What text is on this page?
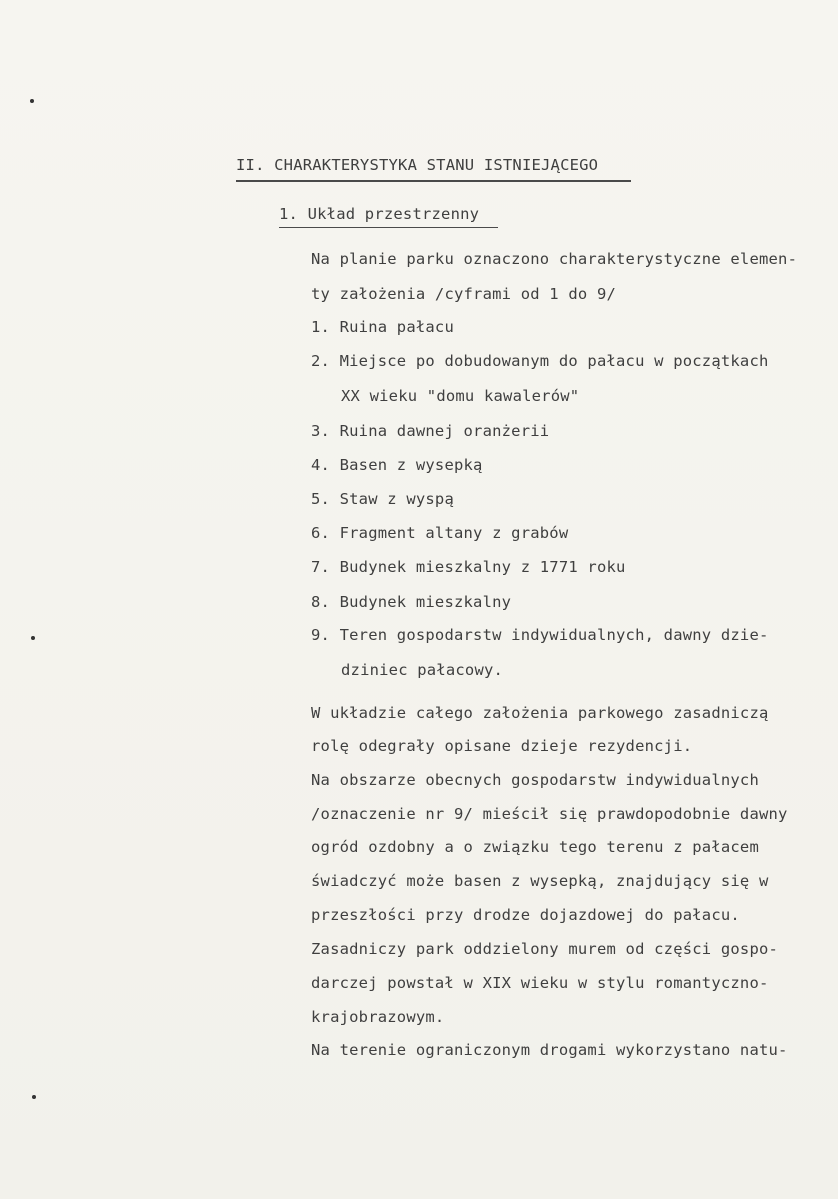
II. CHARAKTERYSTYKA STANU ISTNIEJĄCEGO
1. Układ przestrzenny
Na planie parku oznaczono charakterystyczne elemen-
ty założenia /cyframi od 1 do 9/
1. Ruina pałacu
2. Miejsce po dobudowanym do pałacu w początkach
XX wieku "domu kawalerów"
3. Ruina dawnej oranżerii
4. Basen z wysepką
5. Staw z wyspą
6. Fragment altany z grabów
7. Budynek mieszkalny z 1771 roku
8. Budynek mieszkalny
9. Teren gospodarstw indywidualnych, dawny dzie-
dziniec pałacowy.
W układzie całego założenia parkowego zasadniczą
rolę odegrały opisane dzieje rezydencji.
Na obszarze obecnych gospodarstw indywidualnych
/oznaczenie nr 9/ mieścił się prawdopodobnie dawny
ogród ozdobny a o związku tego terenu z pałacem
świadczyć może basen z wysepką, znajdujący się w
przeszłości przy drodze dojazdowej do pałacu.
Zasadniczy park oddzielony murem od części gospo-
darczej powstał w XIX wieku w stylu romantyczno-
krajobrazowym.
Na terenie ograniczonym drogami wykorzystano natu-
